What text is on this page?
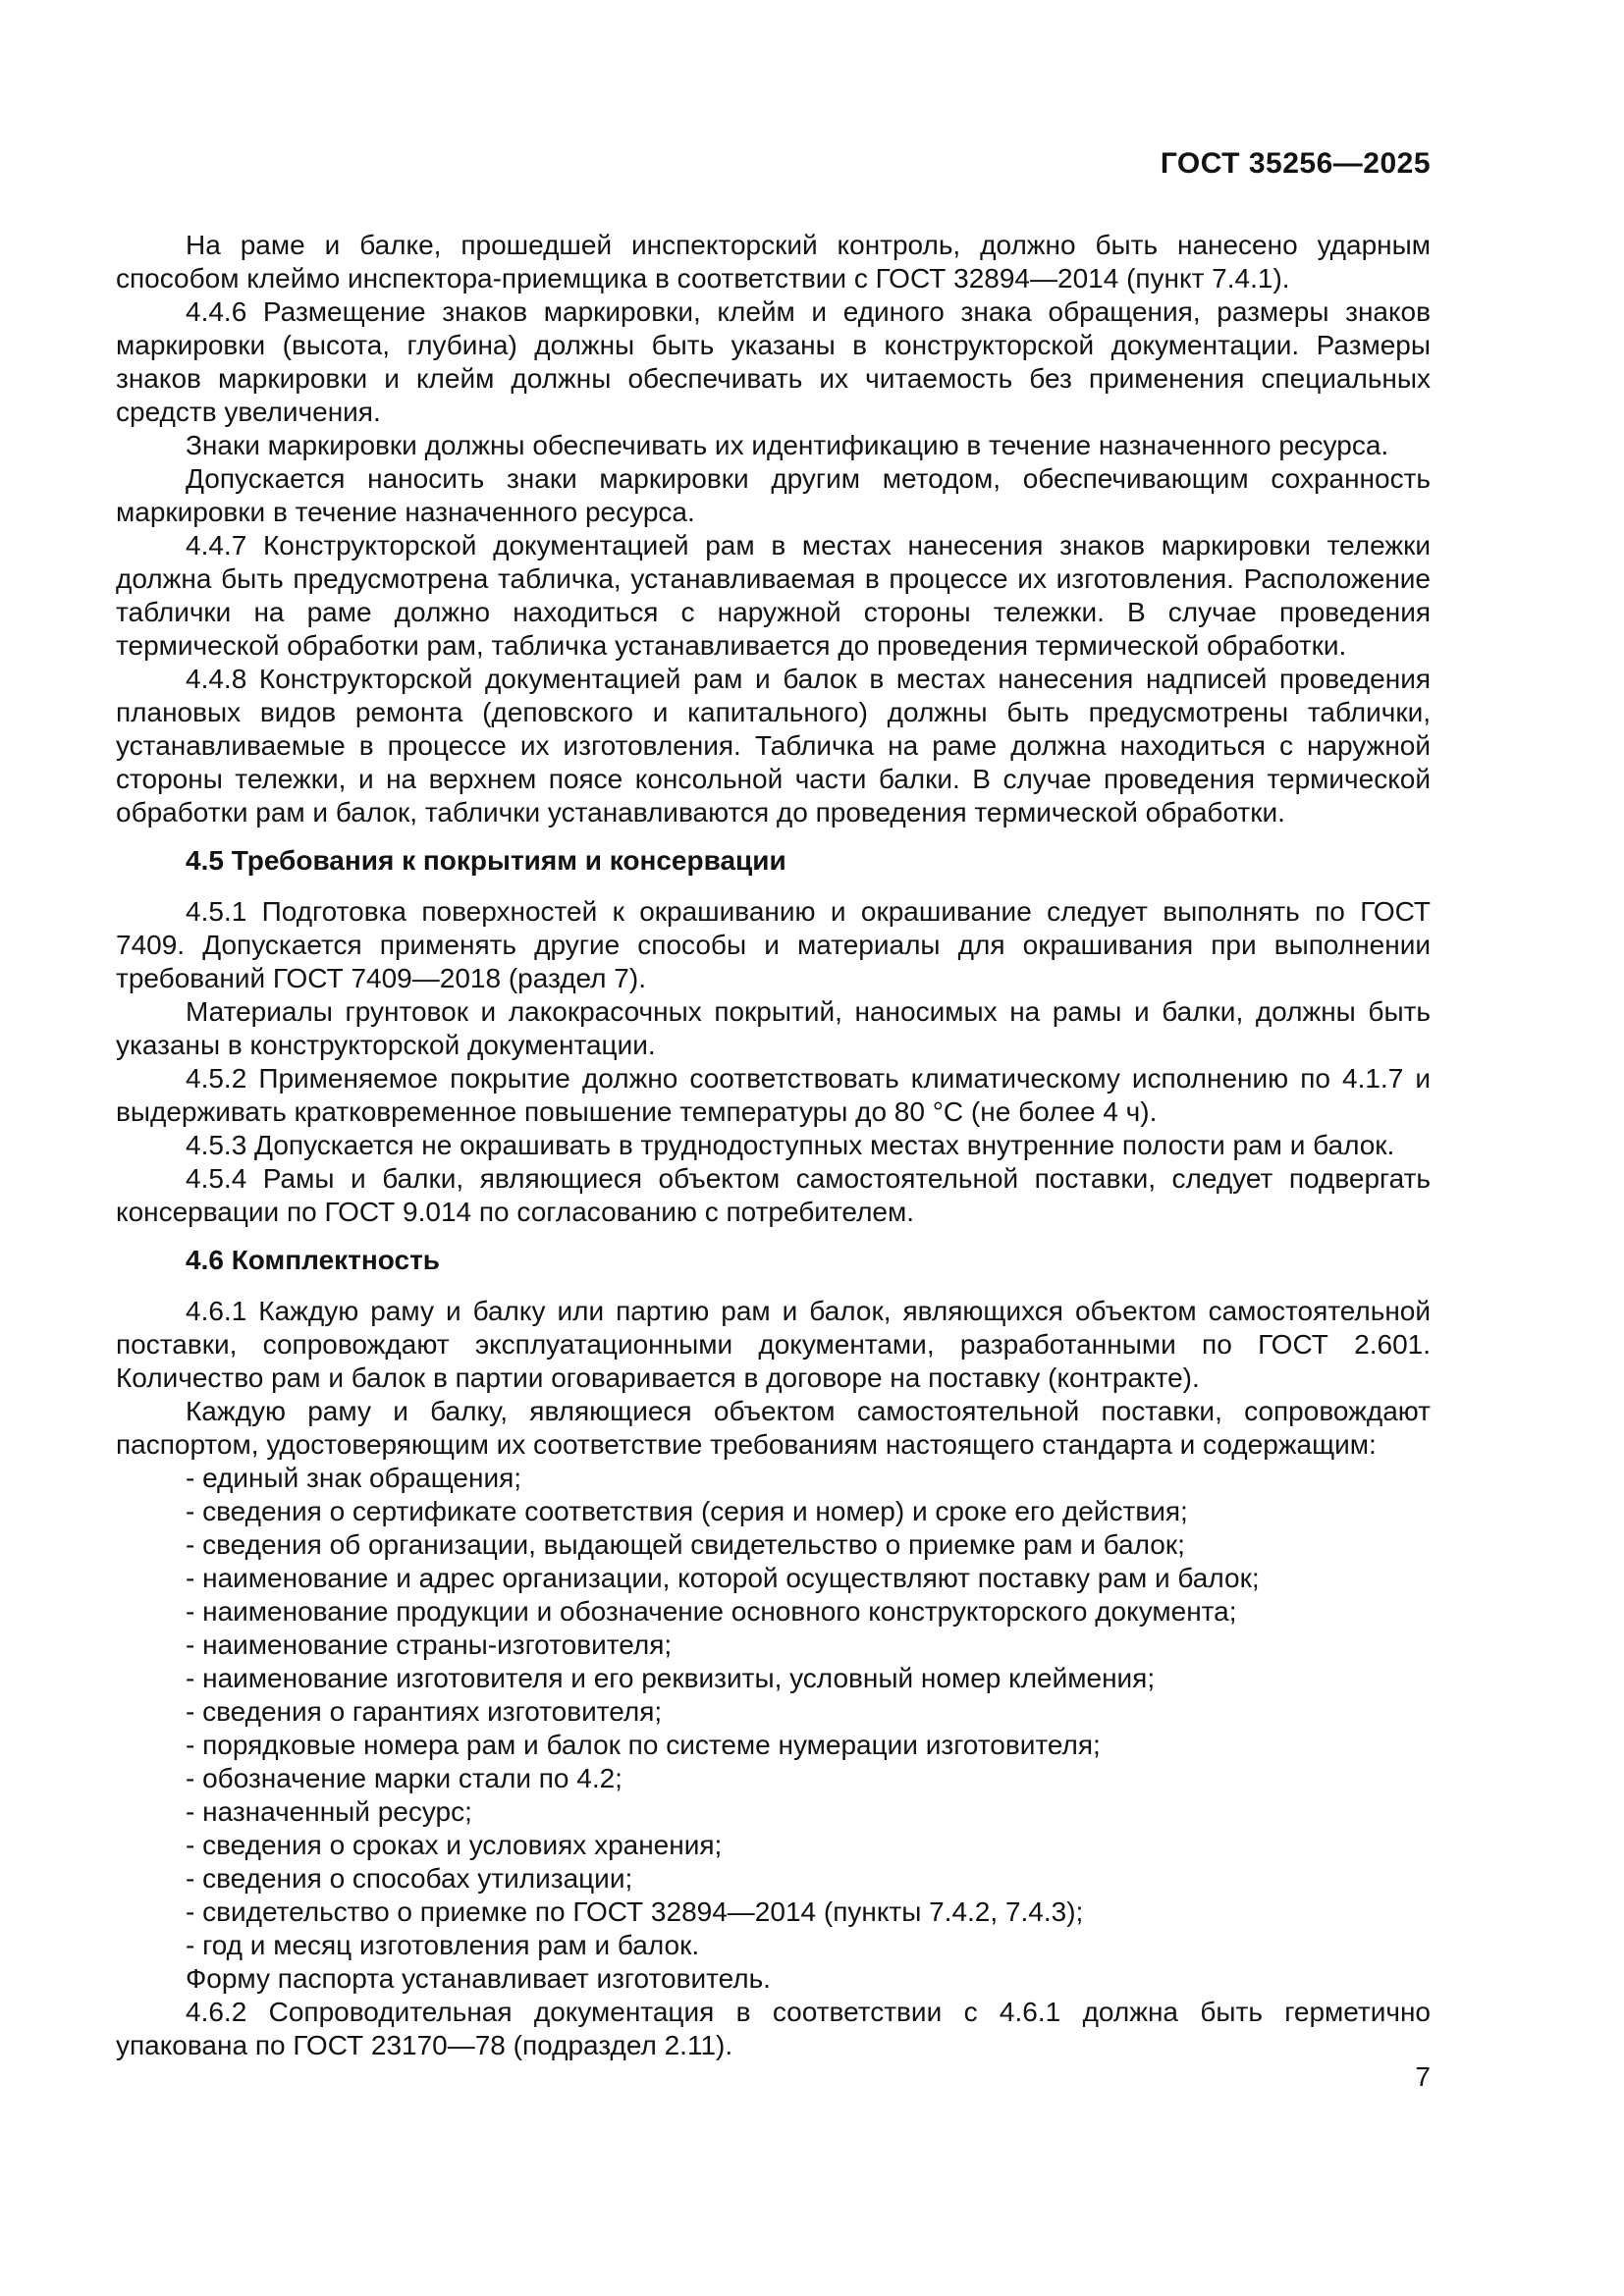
ГОСТ 35256—2025

На раме и балке, прошедшей инспекторский контроль, должно быть нанесено ударным способом клеймо инспектора-приемщика в соответствии с ГОСТ 32894—2014 (пункт 7.4.1).

4.4.6 Размещение знаков маркировки, клейм и единого знака обращения, размеры знаков маркировки (высота, глубина) должны быть указаны в конструкторской документации. Размеры знаков маркировки и клейм должны обеспечивать их читаемость без применения специальных средств увеличения.

Знаки маркировки должны обеспечивать их идентификацию в течение назначенного ресурса.

Допускается наносить знаки маркировки другим методом, обеспечивающим сохранность маркировки в течение назначенного ресурса.

4.4.7 Конструкторской документацией рам в местах нанесения знаков маркировки тележки должна быть предусмотрена табличка, устанавливаемая в процессе их изготовления. Расположение таблички на раме должно находиться с наружной стороны тележки. В случае проведения термической обработки рам, табличка устанавливается до проведения термической обработки.

4.4.8 Конструкторской документацией рам и балок в местах нанесения надписей проведения плановых видов ремонта (деповского и капитального) должны быть предусмотрены таблички, устанавливаемые в процессе их изготовления. Табличка на раме должна находиться с наружной стороны тележки, и на верхнем поясе консольной части балки. В случае проведения термической обработки рам и балок, таблички устанавливаются до проведения термической обработки.

4.5 Требования к покрытиям и консервации

4.5.1 Подготовка поверхностей к окрашиванию и окрашивание следует выполнять по ГОСТ 7409. Допускается применять другие способы и материалы для окрашивания при выполнении требований ГОСТ 7409—2018 (раздел 7).

Материалы грунтовок и лакокрасочных покрытий, наносимых на рамы и балки, должны быть указаны в конструкторской документации.

4.5.2 Применяемое покрытие должно соответствовать климатическому исполнению по 4.1.7 и выдерживать кратковременное повышение температуры до 80 °С (не более 4 ч).

4.5.3 Допускается не окрашивать в труднодоступных местах внутренние полости рам и балок.

4.5.4 Рамы и балки, являющиеся объектом самостоятельной поставки, следует подвергать консервации по ГОСТ 9.014 по согласованию с потребителем.

4.6 Комплектность

4.6.1 Каждую раму и балку или партию рам и балок, являющихся объектом самостоятельной поставки, сопровождают эксплуатационными документами, разработанными по ГОСТ 2.601. Количество рам и балок в партии оговаривается в договоре на поставку (контракте).

Каждую раму и балку, являющиеся объектом самостоятельной поставки, сопровождают паспортом, удостоверяющим их соответствие требованиям настоящего стандарта и содержащим:

- единый знак обращения;

- сведения о сертификате соответствия (серия и номер) и сроке его действия;

- сведения об организации, выдающей свидетельство о приемке рам и балок;

- наименование и адрес организации, которой осуществляют поставку рам и балок;

- наименование продукции и обозначение основного конструкторского документа;

- наименование страны-изготовителя;

- наименование изготовителя и его реквизиты, условный номер клеймения;

- сведения о гарантиях изготовителя;

- порядковые номера рам и балок по системе нумерации изготовителя;

- обозначение марки стали по 4.2;

- назначенный ресурс;

- сведения о сроках и условиях хранения;

- сведения о способах утилизации;

- свидетельство о приемке по ГОСТ 32894—2014 (пункты 7.4.2, 7.4.3);

- год и месяц изготовления рам и балок.

Форму паспорта устанавливает изготовитель.

4.6.2 Сопроводительная документация в соответствии с 4.6.1 должна быть герметично упакована по ГОСТ 23170—78 (подраздел 2.11).

7
